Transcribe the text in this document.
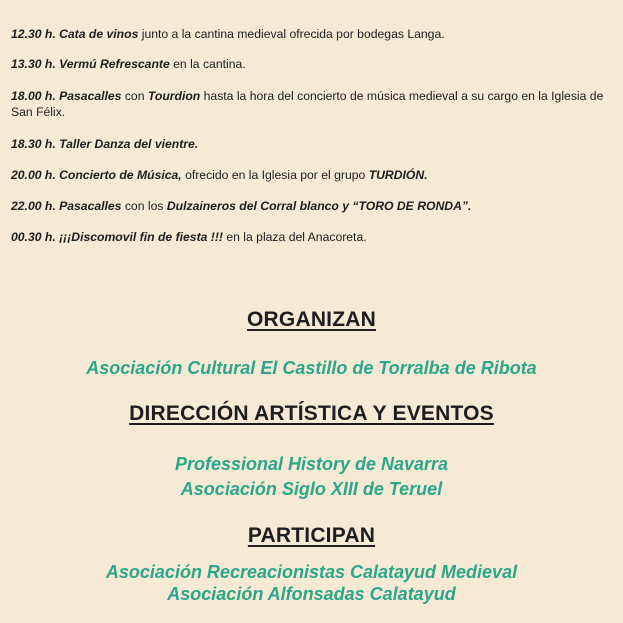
12.30 h. Cata de vinos junto a la cantina medieval ofrecida por bodegas Langa.

13.30 h. Vermú Refrescante en la cantina.

18.00 h. Pasacalles con Tourdion hasta la hora del concierto de música medieval a su cargo en la Iglesia de San Félix.

18.30 h. Taller Danza del vientre.

20.00 h. Concierto de Música, ofrecido en la Iglesia por el grupo TURDIÓN.

22.00 h. Pasacalles con los Dulzaineros del Corral blanco y “TORO DE RONDA”.

00.30 h. ¡¡¡Discomovil fin de fiesta !!! en la plaza del Anacoreta.

ORGANIZAN
Asociación Cultural El Castillo de Torralba de Ribota
DIRECCIÓN ARTÍSTICA Y EVENTOS
Professional History de Navarra
Asociación Siglo XIII de Teruel
PARTICIPAN
Asociación Recreacionistas Calatayud Medieval
Asociación Alfonsadas Calatayud
